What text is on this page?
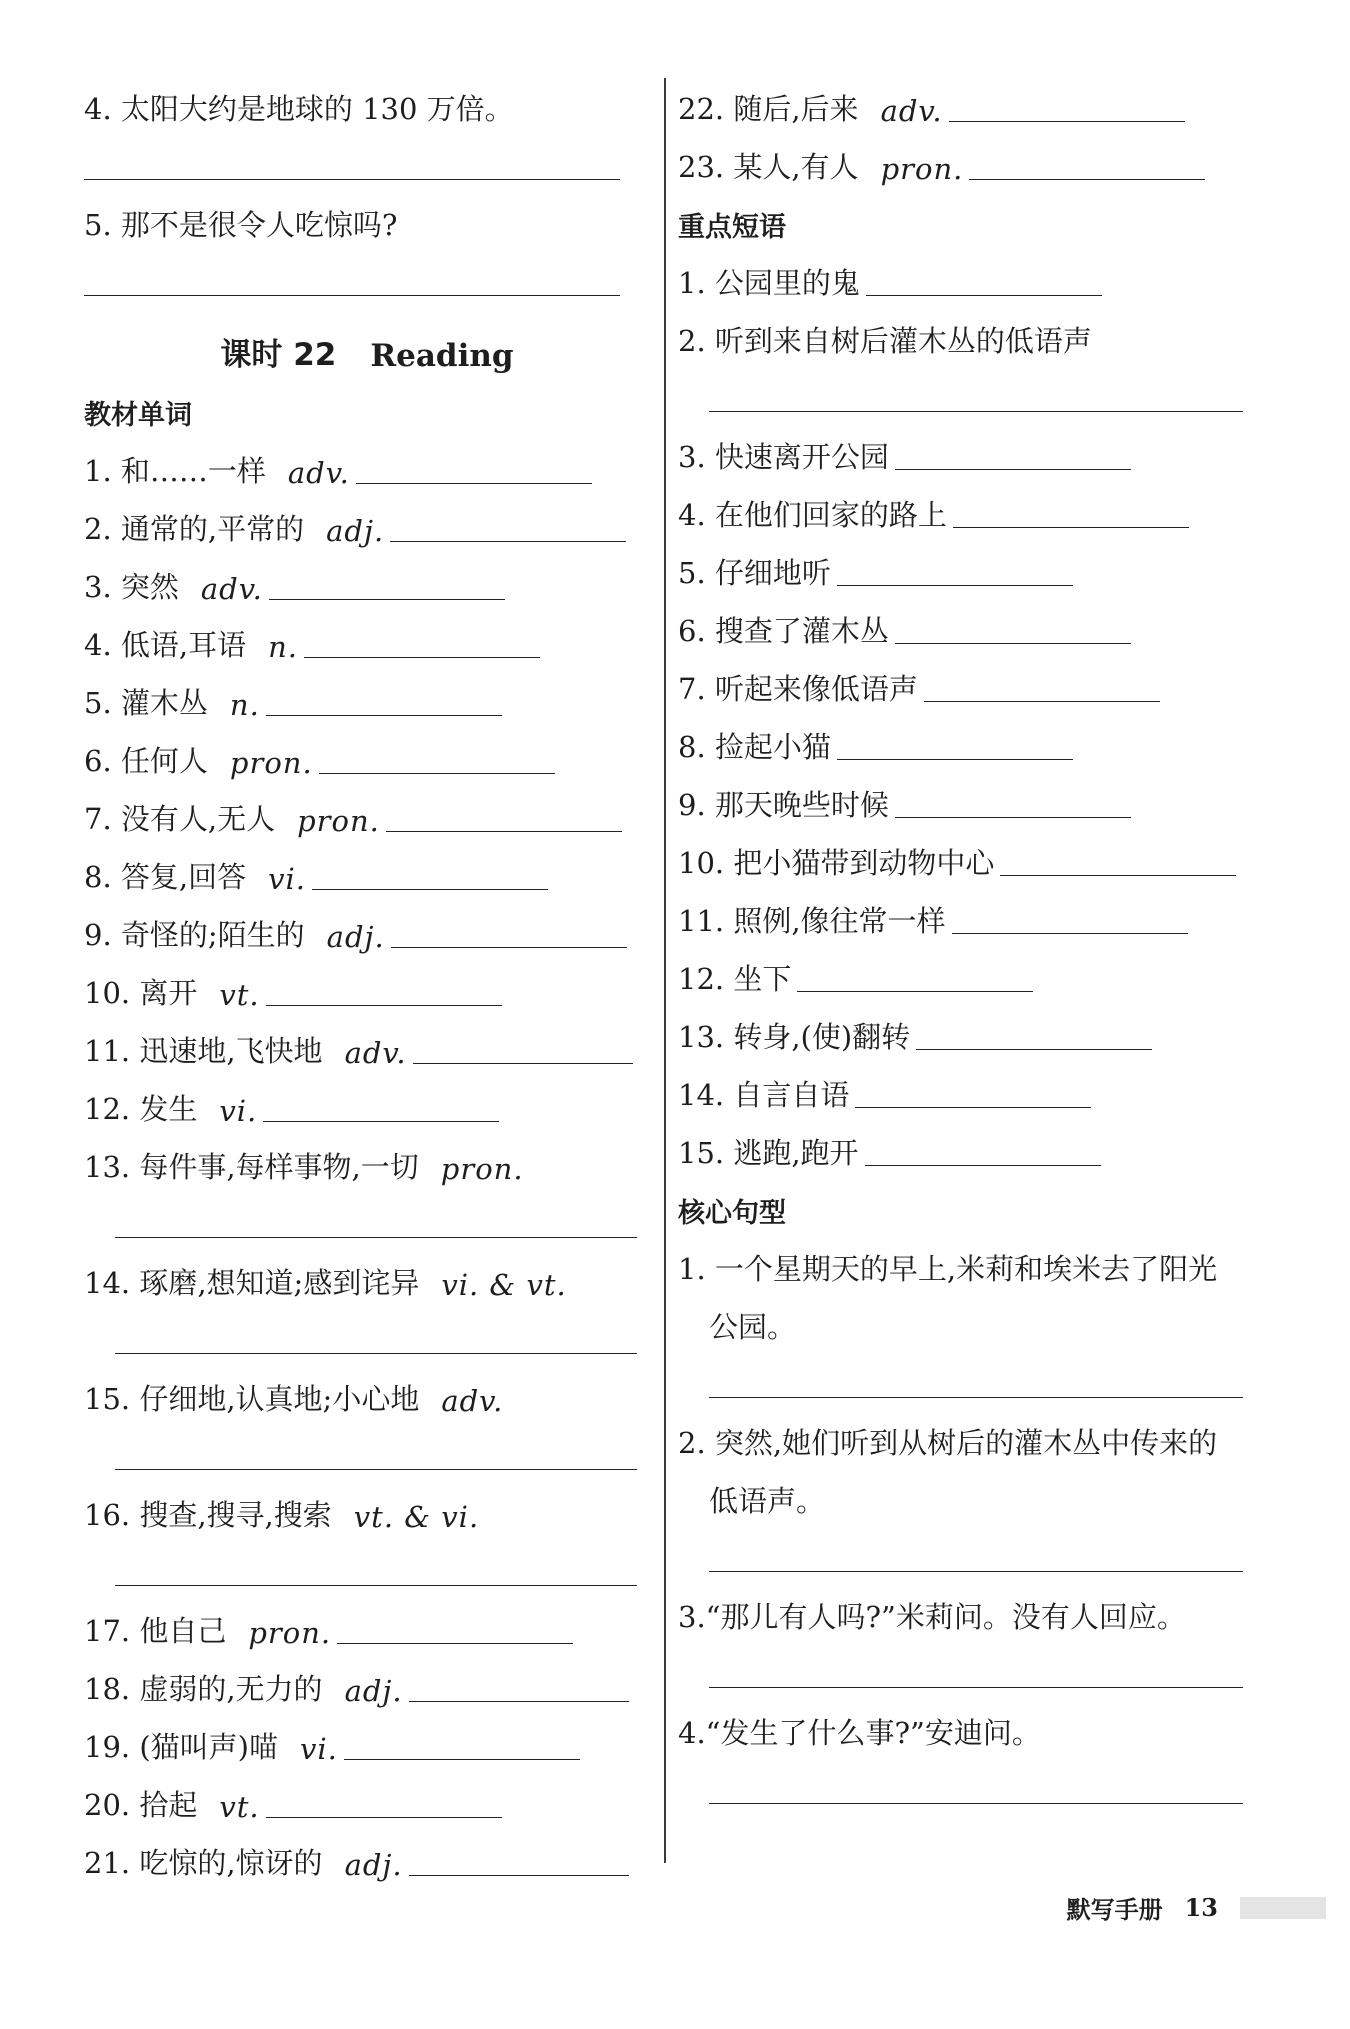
4. 太阳大约是地球的 130 万倍。
5. 那不是很令人吃惊吗?
课时 22 Reading
教材单词
1. 和……一样 adv.
2. 通常的,平常的 adj.
3. 突然 adv.
4. 低语,耳语 n.
5. 灌木丛 n.
6. 任何人 pron.
7. 没有人,无人 pron.
8. 答复,回答 vi.
9. 奇怪的;陌生的 adj.
10. 离开 vt.
11. 迅速地,飞快地 adv.
12. 发生 vi.
13. 每件事,每样事物,一切 pron.
14. 琢磨,想知道;感到诧异 vi. & vt.
15. 仔细地,认真地;小心地 adv.
16. 搜查,搜寻,搜索 vt. & vi.
17. 他自己 pron.
18. 虚弱的,无力的 adj.
19. (猫叫声)喵 vi.
20. 拾起 vt.
21. 吃惊的,惊讶的 adj.
22. 随后,后来 adv.
23. 某人,有人 pron.
重点短语
1. 公园里的鬼
2. 听到来自树后灌木丛的低语声
3. 快速离开公园
4. 在他们回家的路上
5. 仔细地听
6. 搜查了灌木丛
7. 听起来像低语声
8. 捡起小猫
9. 那天晚些时候
10. 把小猫带到动物中心
11. 照例,像往常一样
12. 坐下
13. 转身,(使)翻转
14. 自言自语
15. 逃跑,跑开
核心句型
1. 一个星期天的早上,米莉和埃米去了阳光
公园。
2. 突然,她们听到从树后的灌木丛中传来的
低语声。
3.“那儿有人吗?”米莉问。没有人回应。
4.“发生了什么事?”安迪问。
默写手册 13
